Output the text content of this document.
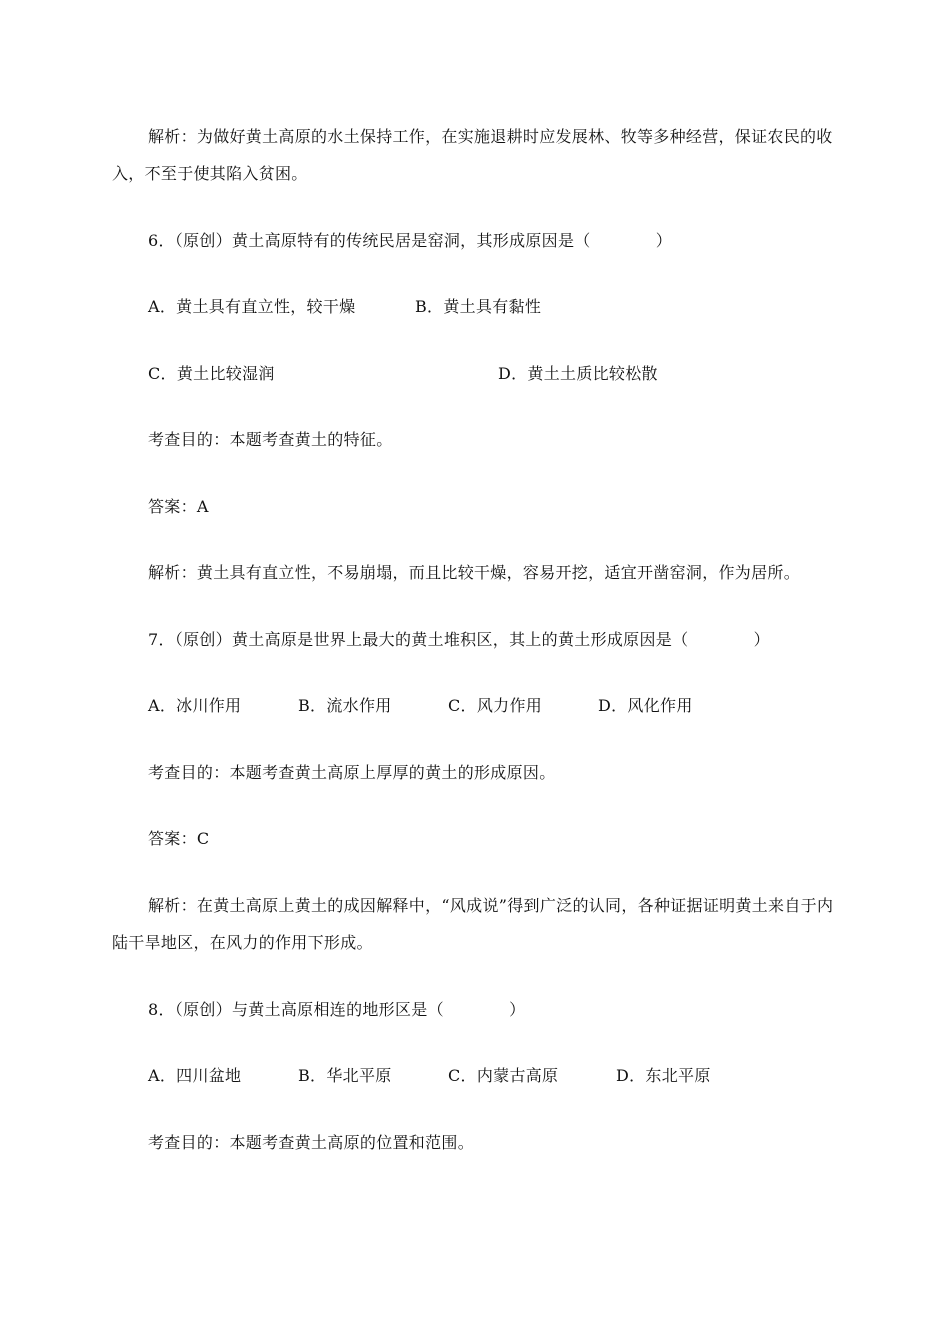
解析：为做好黄土高原的水土保持工作，在实施退耕时应发展林、牧等多种经营，保证农民的收入，不至于使其陷入贫困。
6．（原创）黄土高原特有的传统民居是窑洞，其形成原因是（　　　　）
A．黄土具有直立性，较干燥	B．黄土具有黏性
C．黄土比较湿润	D．黄土土质比较松散
考查目的：本题考查黄土的特征。
答案：A
解析：黄土具有直立性，不易崩塌，而且比较干燥，容易开挖，适宜开凿窑洞，作为居所。
7．（原创）黄土高原是世界上最大的黄土堆积区，其上的黄土形成原因是（　　　　）
A．冰川作用	B．流水作用	C．风力作用	D．风化作用
考查目的：本题考查黄土高原上厚厚的黄土的形成原因。
答案：C
解析：在黄土高原上黄土的成因解释中，“风成说”得到广泛的认同，各种证据证明黄土来自于内陆干旱地区，在风力的作用下形成。
8．（原创）与黄土高原相连的地形区是（　　　　）
A．四川盆地	B．华北平原	C．内蒙古高原	D．东北平原
考查目的：本题考查黄土高原的位置和范围。
